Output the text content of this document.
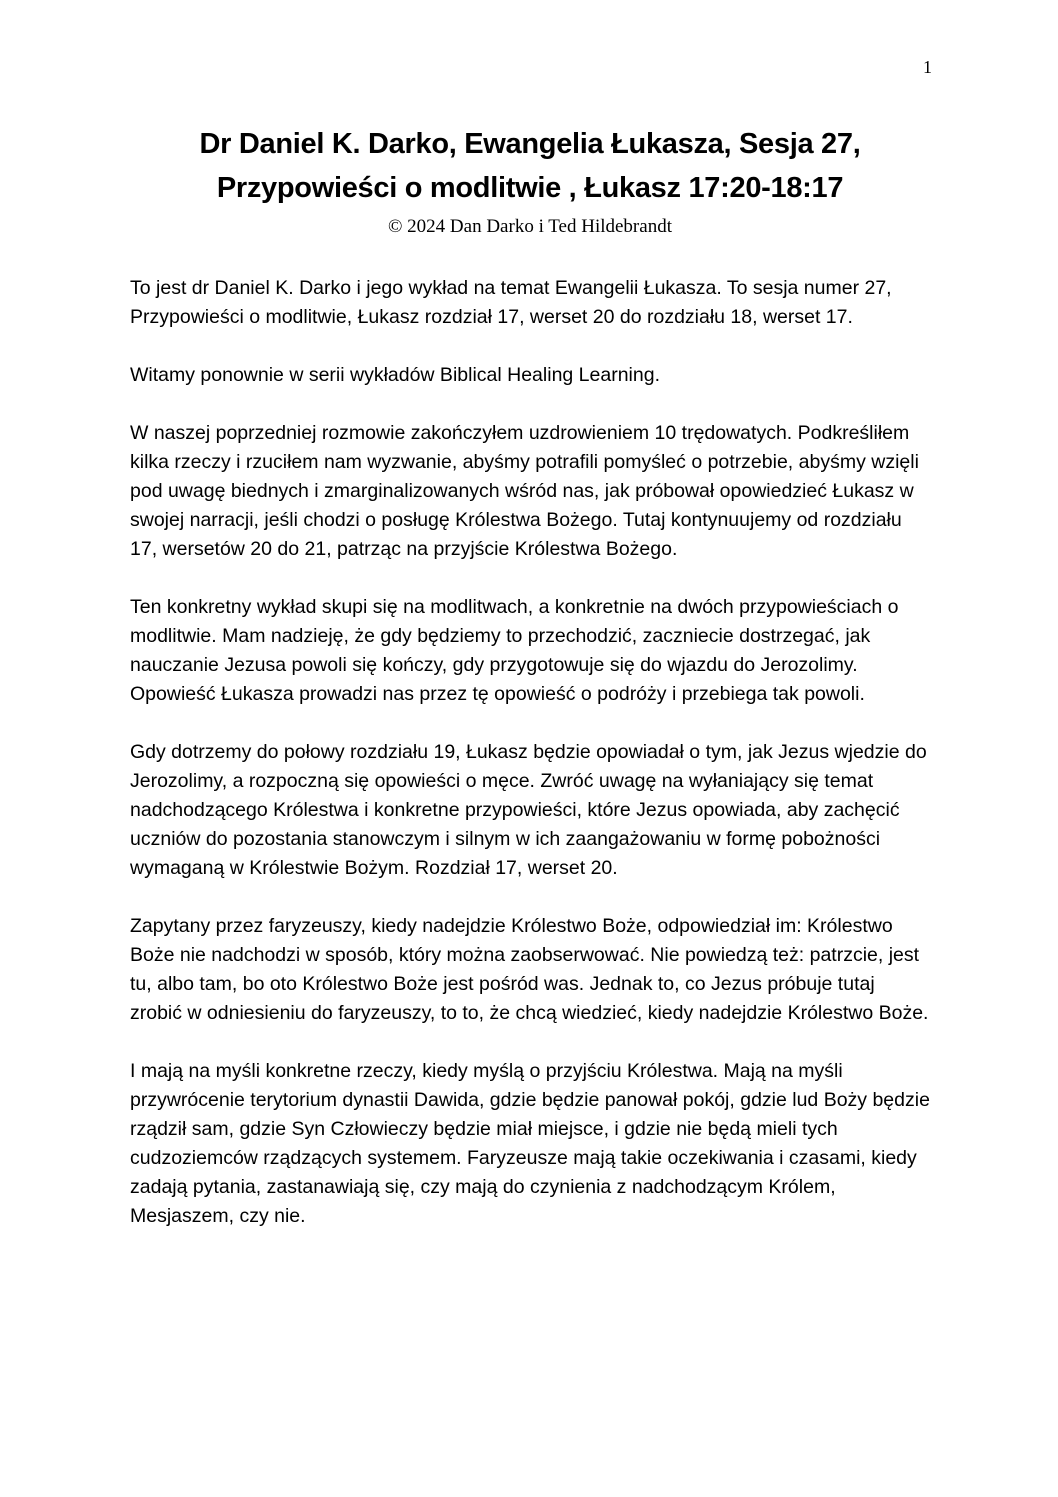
1
Dr Daniel K. Darko, Ewangelia Łukasza, Sesja 27,
Przypowieści o modlitwie , Łukasz 17:20-18:17
© 2024 Dan Darko i Ted Hildebrandt

To jest dr Daniel K. Darko i jego wykład na temat Ewangelii Łukasza. To sesja numer 27, Przypowieści o modlitwie, Łukasz rozdział 17, werset 20 do rozdziału 18, werset 17.

Witamy ponownie w serii wykładów Biblical Healing Learning.

W naszej poprzedniej rozmowie zakończyłem uzdrowieniem 10 trędowatych. Podkreśliłem kilka rzeczy i rzuciłem nam wyzwanie, abyśmy potrafili pomyśleć o potrzebie, abyśmy wzięli pod uwagę biednych i zmarginalizowanych wśród nas, jak próbował opowiedzieć Łukasz w swojej narracji, jeśli chodzi o posługę Królestwa Bożego. Tutaj kontynuujemy od rozdziału 17, wersetów 20 do 21, patrząc na przyjście Królestwa Bożego.

Ten konkretny wykład skupi się na modlitwach, a konkretnie na dwóch przypowieściach o modlitwie. Mam nadzieję, że gdy będziemy to przechodzić, zaczniecie dostrzegać, jak nauczanie Jezusa powoli się kończy, gdy przygotowuje się do wjazdu do Jerozolimy. Opowieść Łukasza prowadzi nas przez tę opowieść o podróży i przebiega tak powoli.

Gdy dotrzemy do połowy rozdziału 19, Łukasz będzie opowiadał o tym, jak Jezus wjedzie do Jerozolimy, a rozpoczną się opowieści o męce. Zwróć uwagę na wyłaniający się temat nadchodzącego Królestwa i konkretne przypowieści, które Jezus opowiada, aby zachęcić uczniów do pozostania stanowczym i silnym w ich zaangażowaniu w formę pobożności wymaganą w Królestwie Bożym. Rozdział 17, werset 20.

Zapytany przez faryzeuszy, kiedy nadejdzie Królestwo Boże, odpowiedział im: Królestwo Boże nie nadchodzi w sposób, który można zaobserwować. Nie powiedzą też: patrzcie, jest tu, albo tam, bo oto Królestwo Boże jest pośród was. Jednak to, co Jezus próbuje tutaj zrobić w odniesieniu do faryzeuszy, to to, że chcą wiedzieć, kiedy nadejdzie Królestwo Boże.

I mają na myśli konkretne rzeczy, kiedy myślą o przyjściu Królestwa. Mają na myśli przywrócenie terytorium dynastii Dawida, gdzie będzie panował pokój, gdzie lud Boży będzie rządził sam, gdzie Syn Człowieczy będzie miał miejsce, i gdzie nie będą mieli tych cudzoziemców rządzących systemem. Faryzeusze mają takie oczekiwania i czasami, kiedy zadają pytania, zastanawiają się, czy mają do czynienia z nadchodzącym Królem, Mesjaszem, czy nie.
